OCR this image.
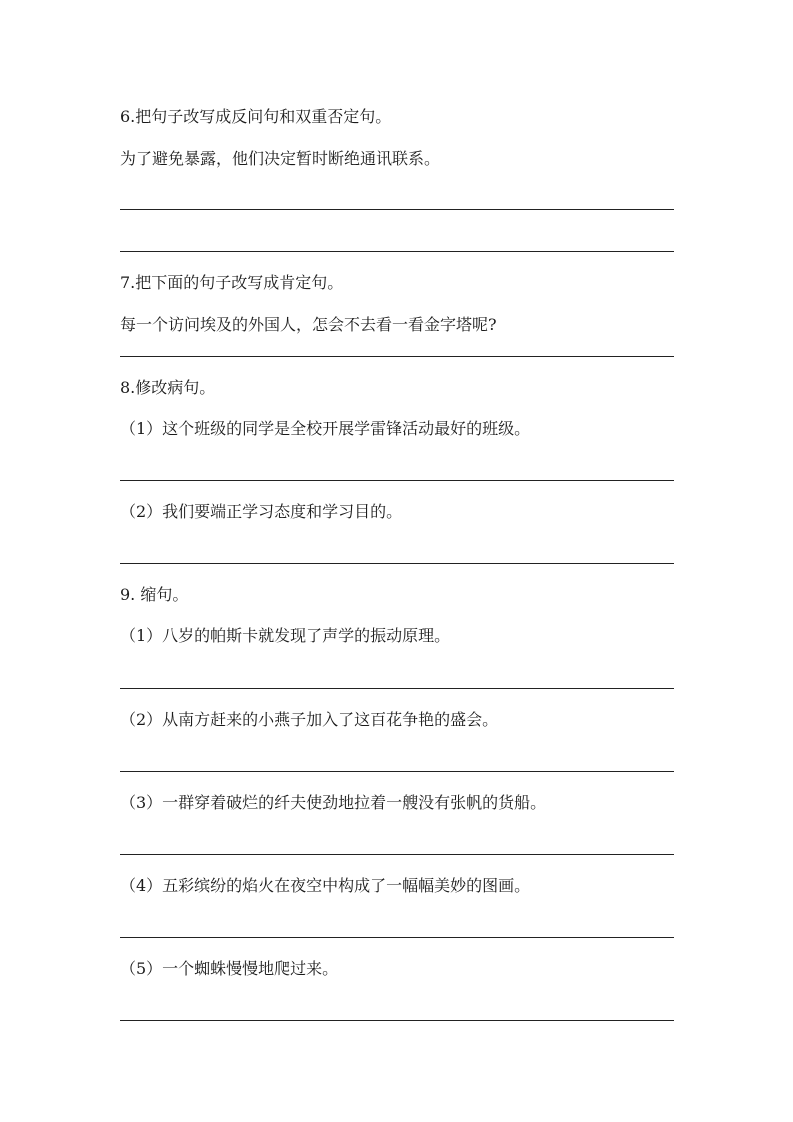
6.把句子改写成反问句和双重否定句。
为了避免暴露，他们决定暂时断绝通讯联系。
7.把下面的句子改写成肯定句。
每一个访问埃及的外国人，怎会不去看一看金字塔呢?
8.修改病句。
（1）这个班级的同学是全校开展学雷锋活动最好的班级。
（2）我们要端正学习态度和学习目的。
9. 缩句。
（1）八岁的帕斯卡就发现了声学的振动原理。
（2）从南方赶来的小燕子加入了这百花争艳的盛会。
（3）一群穿着破烂的纤夫使劲地拉着一艘没有张帆的货船。
（4）五彩缤纷的焰火在夜空中构成了一幅幅美妙的图画。
（5）一个蜘蛛慢慢地爬过来。
